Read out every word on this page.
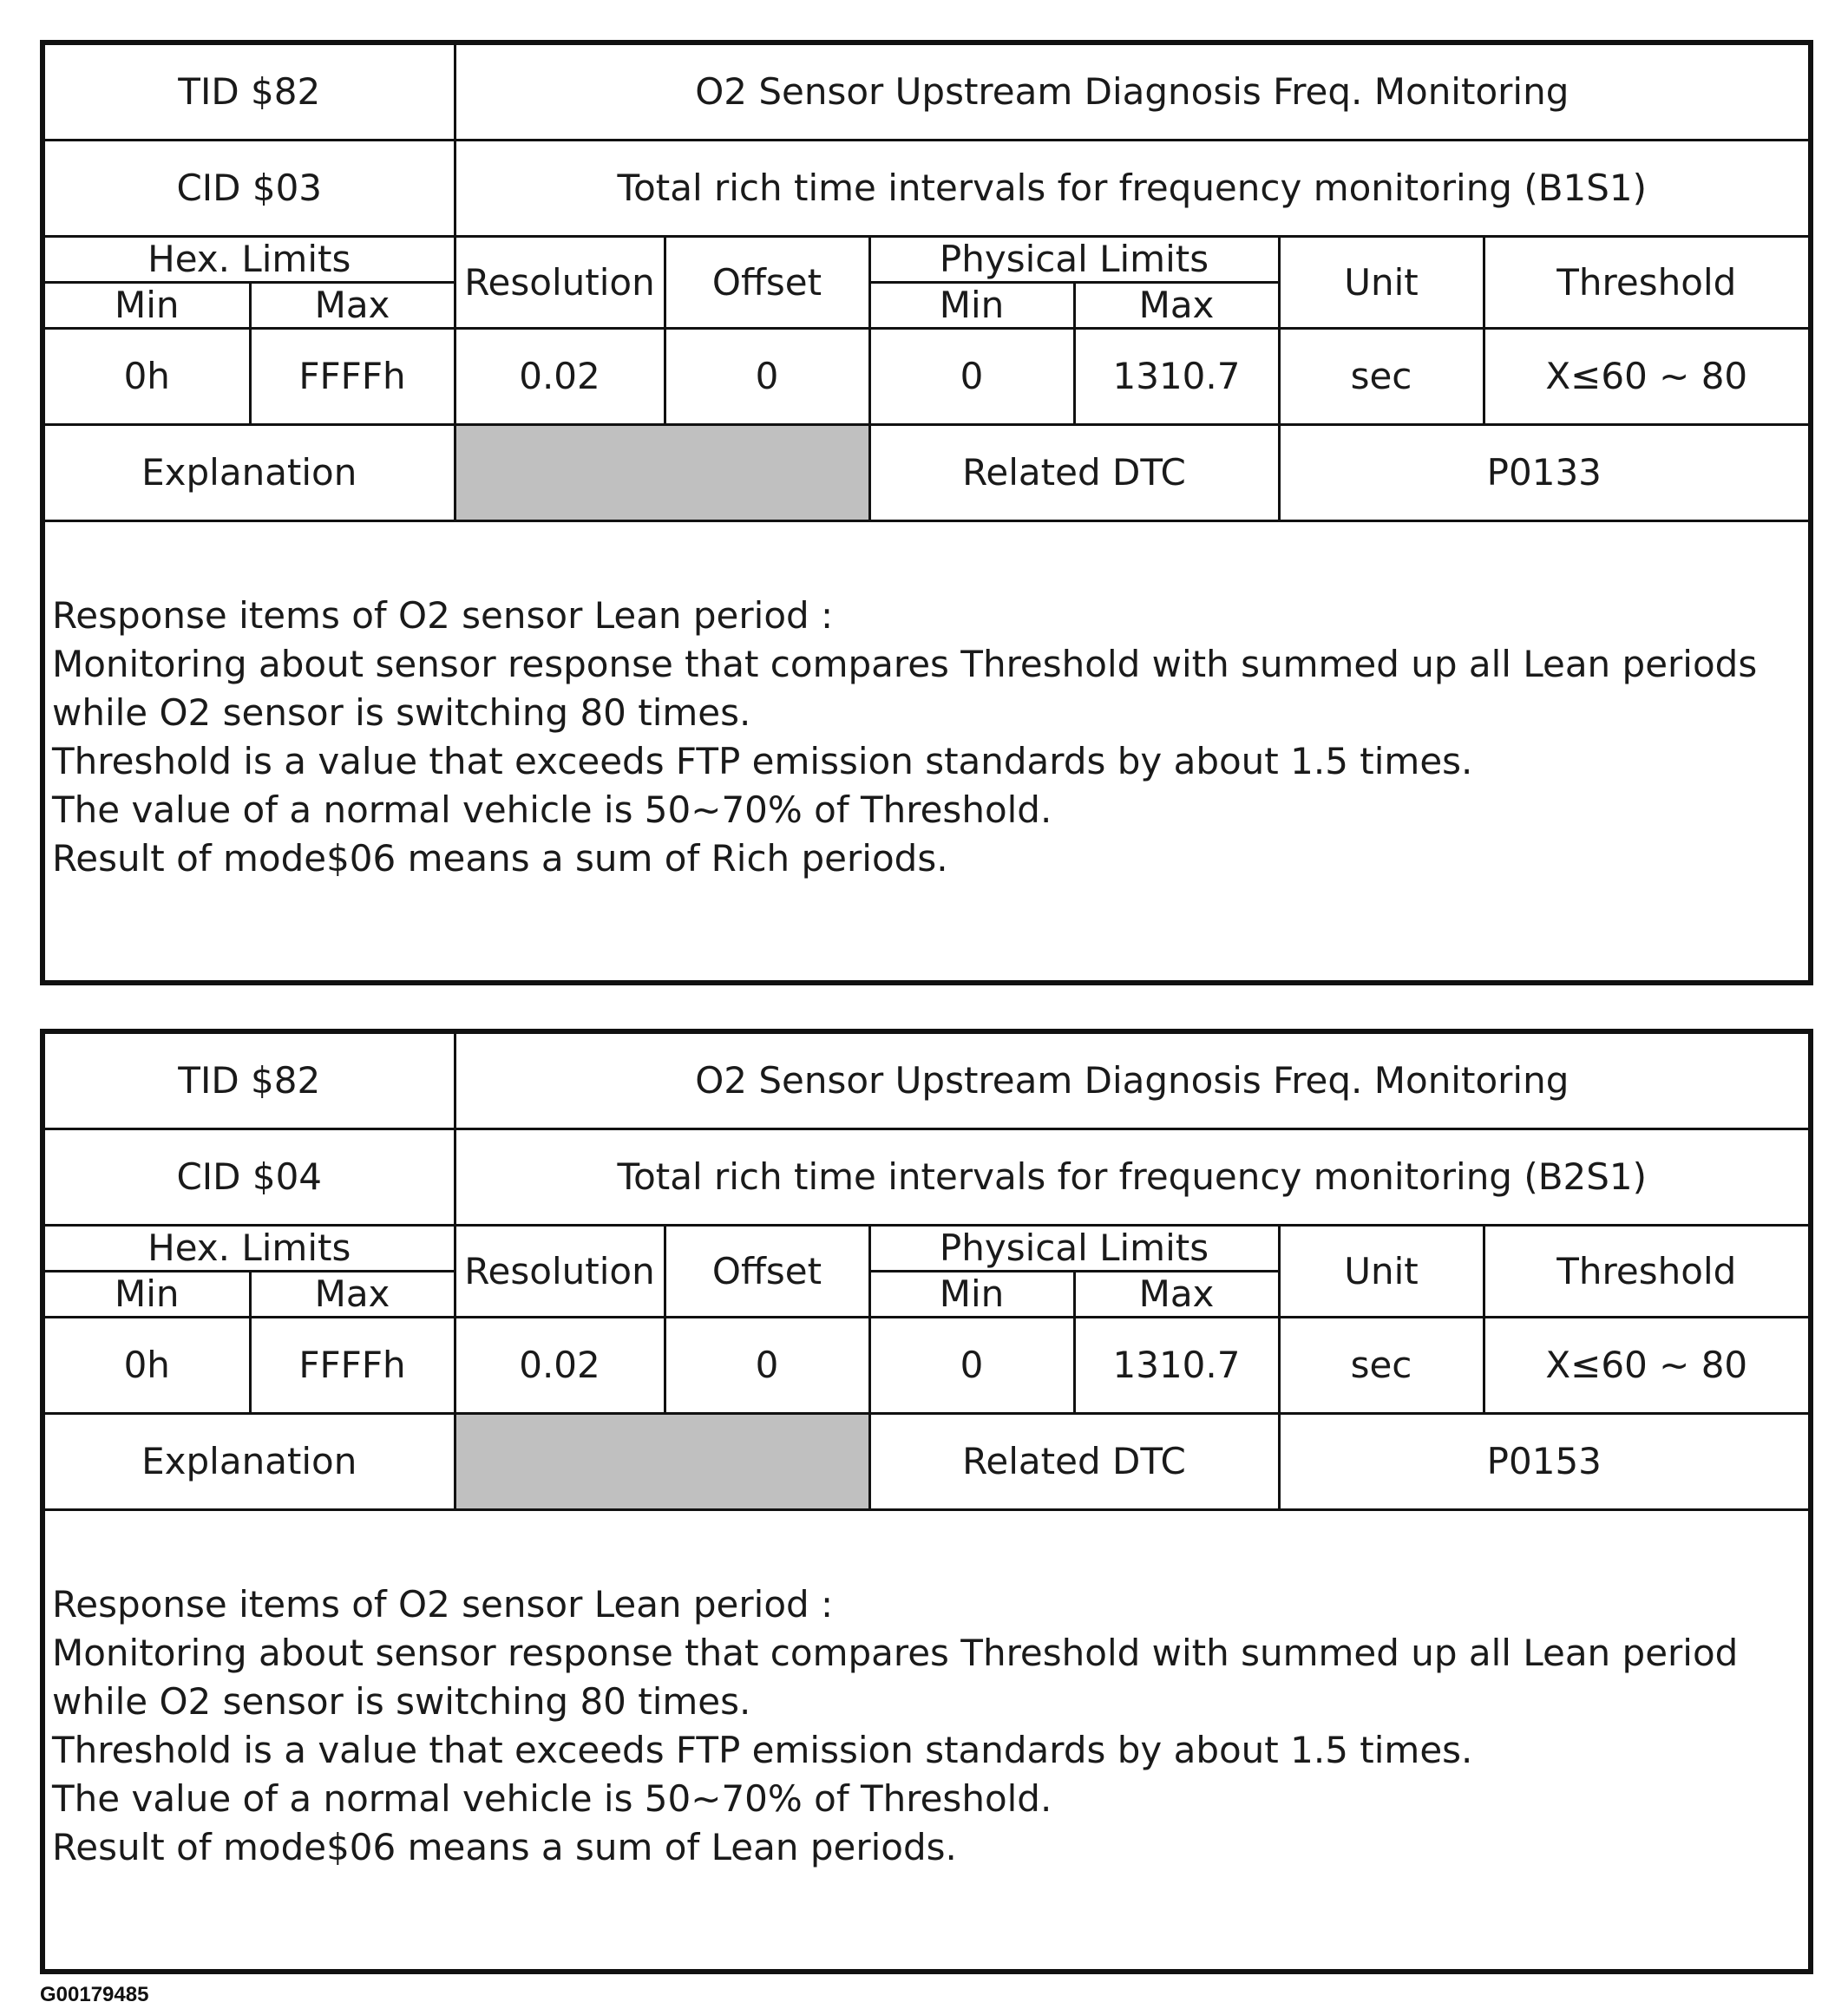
TID $82		O2 Sensor Upstream Diagnosis Freq. Monitoring					
CID $03		Total rich time intervals for frequency monitoring (B1S1)					
Hex. Limits		Resolution	Offset	Physical Limits		Unit	Threshold
Min	Max			Min	Max		
0h	FFFFh	0.02	0	0	1310.7	sec	X≤60 ~ 80
Explanation				Related DTC		P0133	
Response items of O2 sensor Lean period :
Monitoring about sensor response that compares Threshold with summed up all Lean periods
while O2 sensor is switching 80 times.
Threshold is a value that exceeds FTP emission standards by about 1.5 times.
The value of a normal vehicle is 50~70% of Threshold.
Result of mode$06 means a sum of Rich periods.
TID $82		O2 Sensor Upstream Diagnosis Freq. Monitoring					
CID $04		Total rich time intervals for frequency monitoring (B2S1)					
Hex. Limits		Resolution	Offset	Physical Limits		Unit	Threshold
Min	Max			Min	Max		
0h	FFFFh	0.02	0	0	1310.7	sec	X≤60 ~ 80
Explanation				Related DTC		P0153	
Response items of O2 sensor Lean period :
Monitoring about sensor response that compares Threshold with summed up all Lean period
while O2 sensor is switching 80 times.
Threshold is a value that exceeds FTP emission standards by about 1.5 times.
The value of a normal vehicle is 50~70% of Threshold.
Result of mode$06 means a sum of Lean periods.
G00179485
